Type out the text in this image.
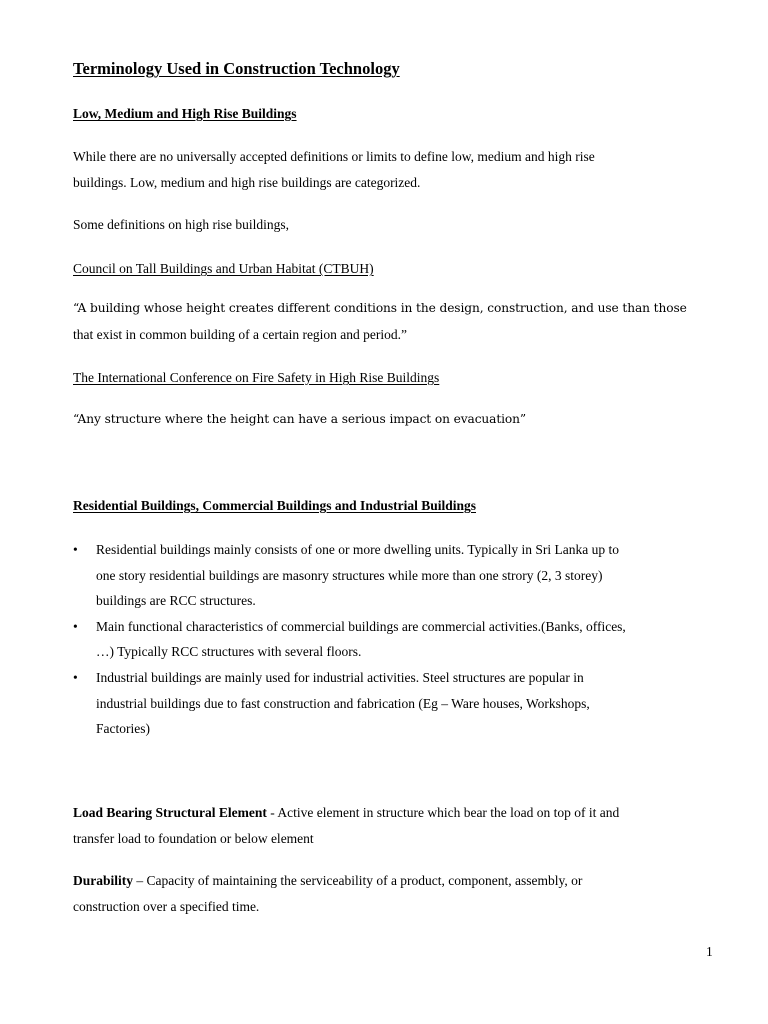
Terminology Used in Construction Technology
Low, Medium and High Rise Buildings
While there are no universally accepted definitions or limits to define low, medium and high rise
buildings. Low, medium and high rise buildings are categorized.
Some definitions on high rise buildings,
Council on Tall Buildings and Urban Habitat (CTBUH)
“A building whose height creates different conditions in the design, construction, and use than those
that exist in common building of a certain region and period.”
The International Conference on Fire Safety in High Rise Buildings
“Any structure where the height can have a serious impact on evacuation”
Residential Buildings, Commercial Buildings and Industrial Buildings
• Residential buildings mainly consists of one or more dwelling units. Typically in Sri Lanka up to
one story residential buildings are masonry structures while more than one strory (2, 3 storey)
buildings are RCC structures.
• Main functional characteristics of commercial buildings are commercial activities.(Banks, offices,
…) Typically RCC structures with several floors.
• Industrial buildings are mainly used for industrial activities. Steel structures are popular in
industrial buildings due to fast construction and fabrication (Eg – Ware houses, Workshops,
Factories)
Load Bearing Structural Element - Active element in structure which bear the load on top of it and
transfer load to foundation or below element
Durability – Capacity of maintaining the serviceability of a product, component, assembly, or
construction over a specified time.
1
